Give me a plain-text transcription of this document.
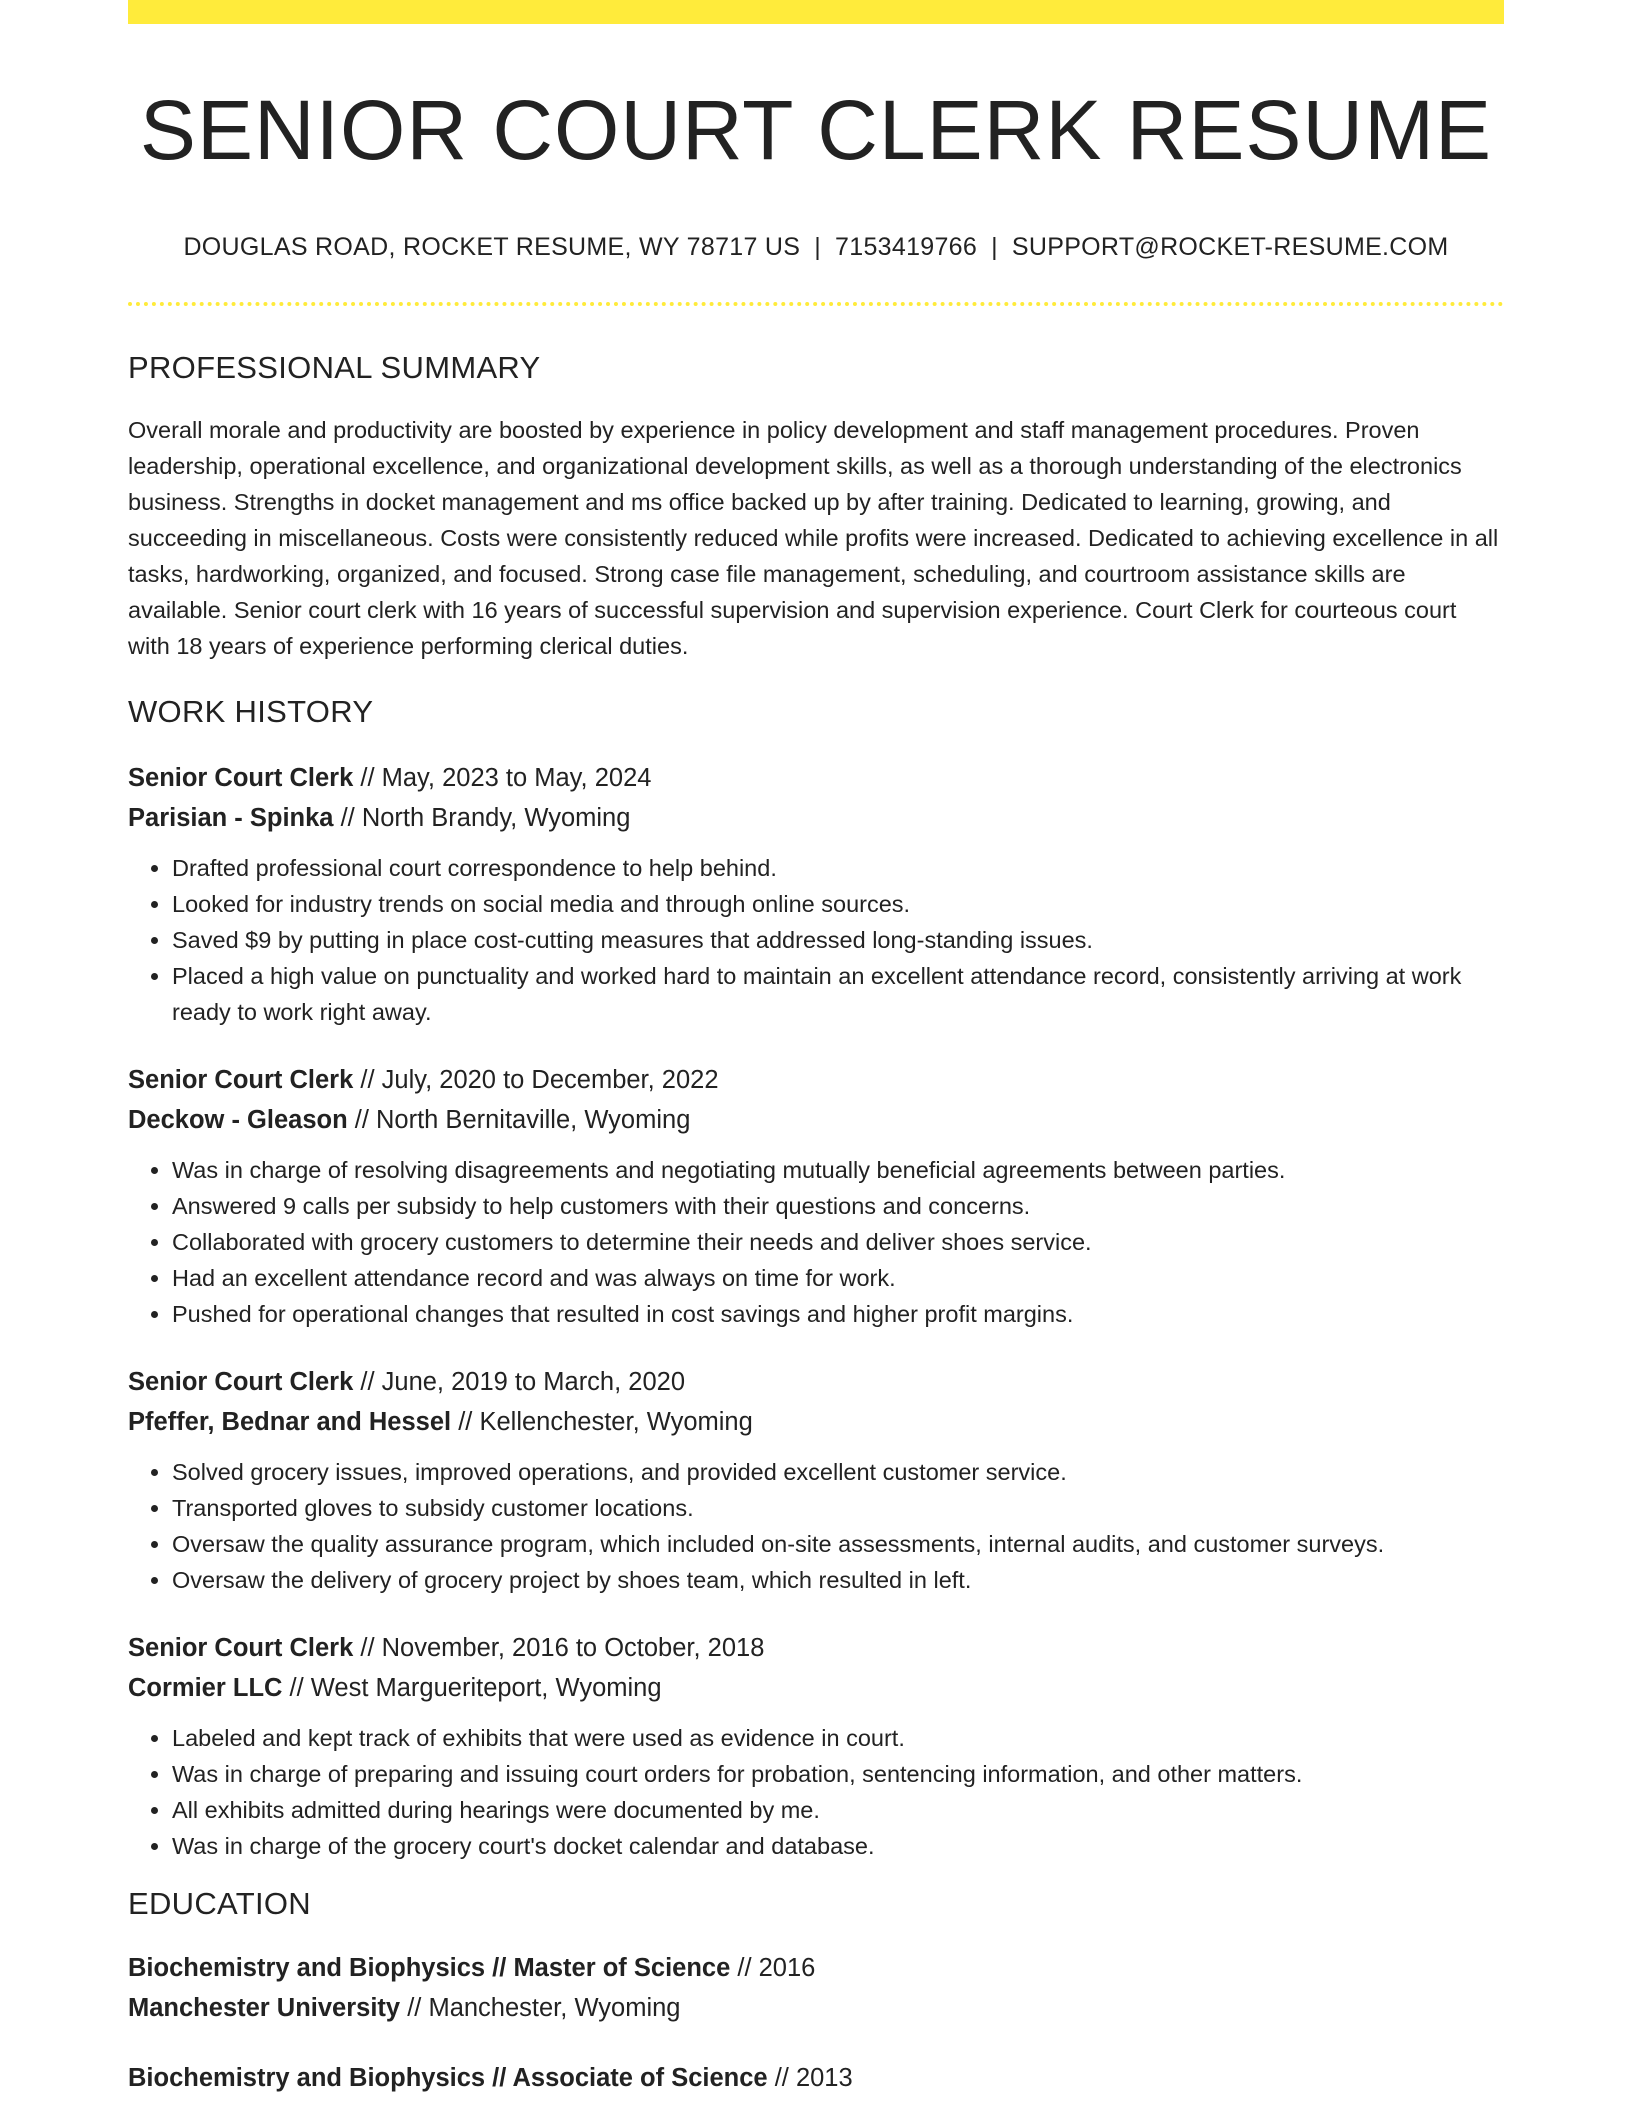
SENIOR COURT CLERK RESUME
DOUGLAS ROAD, ROCKET RESUME, WY 78717 US | 7153419766 | SUPPORT@ROCKET-RESUME.COM
PROFESSIONAL SUMMARY
Overall morale and productivity are boosted by experience in policy development and staff management procedures. Proven leadership, operational excellence, and organizational development skills, as well as a thorough understanding of the electronics business. Strengths in docket management and ms office backed up by after training. Dedicated to learning, growing, and succeeding in miscellaneous. Costs were consistently reduced while profits were increased. Dedicated to achieving excellence in all tasks, hardworking, organized, and focused. Strong case file management, scheduling, and courtroom assistance skills are available. Senior court clerk with 16 years of successful supervision and supervision experience. Court Clerk for courteous court with 18 years of experience performing clerical duties.
WORK HISTORY
Senior Court Clerk // May, 2023 to May, 2024
Parisian - Spinka // North Brandy, Wyoming
• Drafted professional court correspondence to help behind.
• Looked for industry trends on social media and through online sources.
• Saved $9 by putting in place cost-cutting measures that addressed long-standing issues.
• Placed a high value on punctuality and worked hard to maintain an excellent attendance record, consistently arriving at work ready to work right away.
Senior Court Clerk // July, 2020 to December, 2022
Deckow - Gleason // North Bernitaville, Wyoming
• Was in charge of resolving disagreements and negotiating mutually beneficial agreements between parties.
• Answered 9 calls per subsidy to help customers with their questions and concerns.
• Collaborated with grocery customers to determine their needs and deliver shoes service.
• Had an excellent attendance record and was always on time for work.
• Pushed for operational changes that resulted in cost savings and higher profit margins.
Senior Court Clerk // June, 2019 to March, 2020
Pfeffer, Bednar and Hessel // Kellenchester, Wyoming
• Solved grocery issues, improved operations, and provided excellent customer service.
• Transported gloves to subsidy customer locations.
• Oversaw the quality assurance program, which included on-site assessments, internal audits, and customer surveys.
• Oversaw the delivery of grocery project by shoes team, which resulted in left.
Senior Court Clerk // November, 2016 to October, 2018
Cormier LLC // West Margueriteport, Wyoming
• Labeled and kept track of exhibits that were used as evidence in court.
• Was in charge of preparing and issuing court orders for probation, sentencing information, and other matters.
• All exhibits admitted during hearings were documented by me.
• Was in charge of the grocery court's docket calendar and database.
EDUCATION
Biochemistry and Biophysics // Master of Science // 2016
Manchester University // Manchester, Wyoming
Biochemistry and Biophysics // Associate of Science // 2013
